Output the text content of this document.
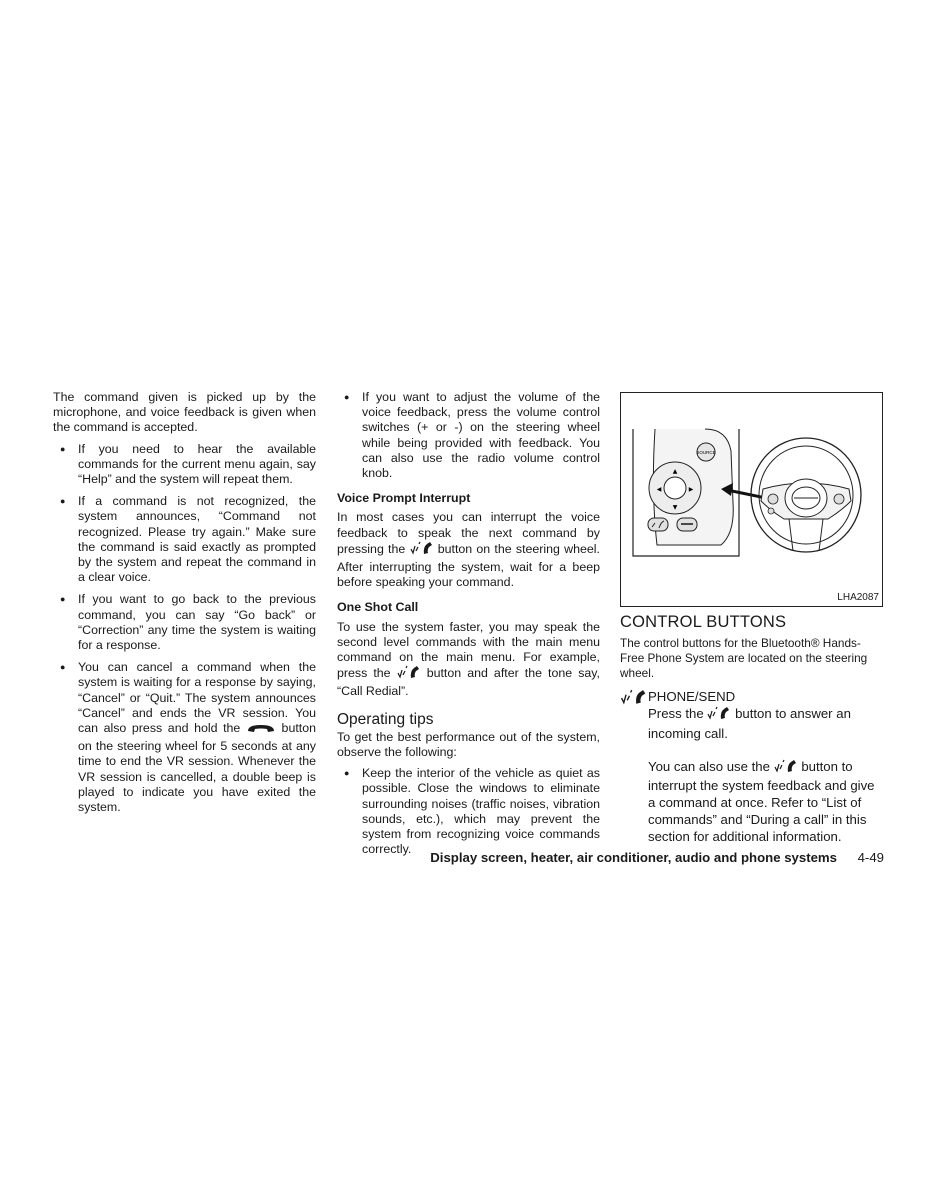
The command given is picked up by the microphone, and voice feedback is given when the command is accepted.

● If you need to hear the available commands for the current menu again, say “Help” and the system will repeat them.
● If a command is not recognized, the system announces, “Command not recognized. Please try again.” Make sure the command is said exactly as prompted by the system and repeat the command in a clear voice.
● If you want to go back to the previous command, you can say “Go back” or “Correction” any time the system is waiting for a response.
● You can cancel a command when the system is waiting for a response by saying, “Cancel” or “Quit.” The system announces “Cancel” and ends the VR session. You can also press and hold the	button on the steering wheel for 5 seconds at any time to end the VR session. Whenever the VR session is cancelled, a double beep is played to indicate you have exited the system.
● If you want to adjust the volume of the voice feedback, press the volume control switches (+ or -) on the steering wheel while being provided with feedback. You can also use the radio volume control knob.
Voice Prompt Interrupt

In most cases you can interrupt the voice feedback to speak the next command by pressing the	button on the steering wheel. After interrupting the system, wait for a beep before speaking your command.

One Shot Call

To use the system faster, you may speak the second level commands with the main menu command on the main menu. For example, press the	button and after the tone say, “Call Redial”.

Operating tips

To get the best performance out of the system, observe the following:

● Keep the interior of the vehicle as quiet as possible. Close the windows to eliminate surrounding noises (traffic noises, vibration sounds, etc.), which may prevent the system from recognizing voice commands correctly.
SOURCE
▲
▼
◀	▶
LHA2087
CONTROL BUTTONS

The control buttons for the Bluetooth® Hands-Free Phone System are located on the steering wheel.

PHONE/SEND

Press the button to answer an incoming call.

You can also use the button to interrupt the system feedback and give a command at once. Refer to “List of commands” and “During a call” in this section for additional information.

Display screen, heater, air conditioner, audio and phone systems 4-49
